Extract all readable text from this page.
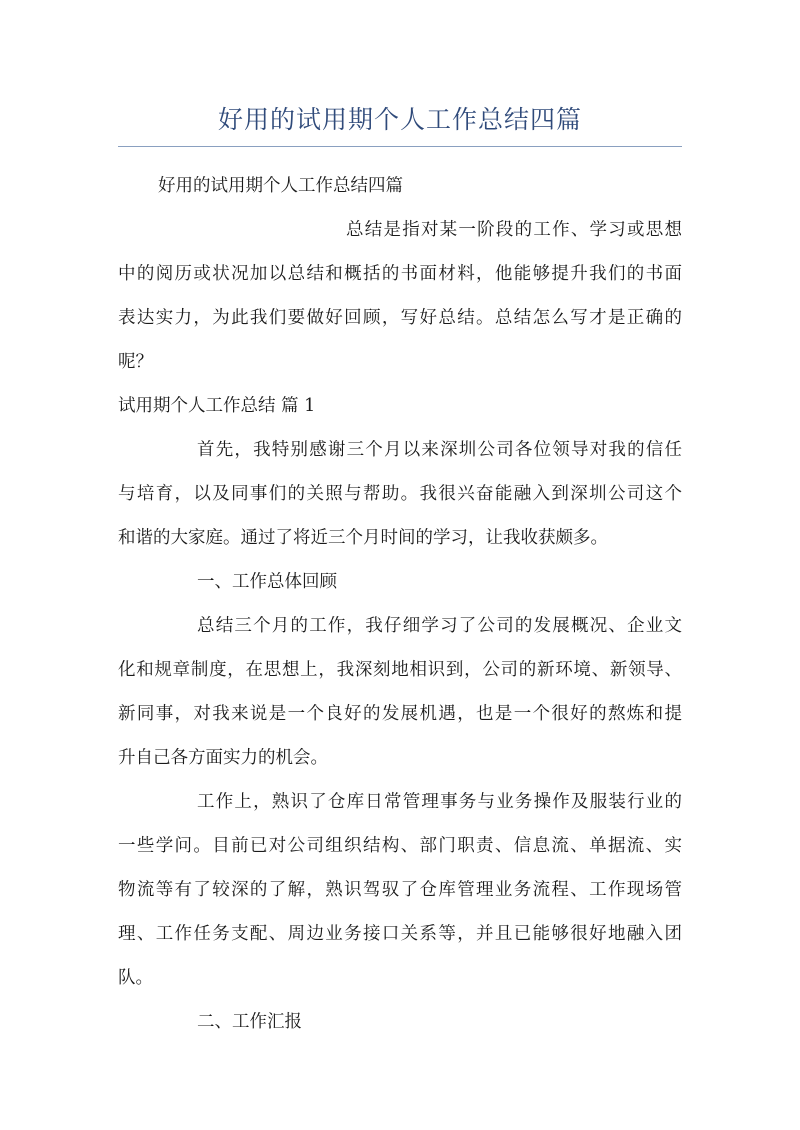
好用的试用期个人工作总结四篇
好用的试用期个人工作总结四篇
总结是指对某一阶段的工作、学习或思想
中的阅历或状况加以总结和概括的书面材料，他能够提升我们的书面
表达实力，为此我们要做好回顾，写好总结。总结怎么写才是正确的
呢？
试用期个人工作总结 篇 1
首先，我特别感谢三个月以来深圳公司各位领导对我的信任
与培育，以及同事们的关照与帮助。我很兴奋能融入到深圳公司这个
和谐的大家庭。通过了将近三个月时间的学习，让我收获颇多。
一、工作总体回顾
总结三个月的工作，我仔细学习了公司的发展概况、企业文
化和规章制度，在思想上，我深刻地相识到，公司的新环境、新领导、
新同事，对我来说是一个良好的发展机遇，也是一个很好的熬炼和提
升自己各方面实力的机会。
工作上，熟识了仓库日常管理事务与业务操作及服装行业的
一些学问。目前已对公司组织结构、部门职责、信息流、单据流、实
物流等有了较深的了解，熟识驾驭了仓库管理业务流程、工作现场管
理、工作任务支配、周边业务接口关系等，并且已能够很好地融入团
队。
二、工作汇报
